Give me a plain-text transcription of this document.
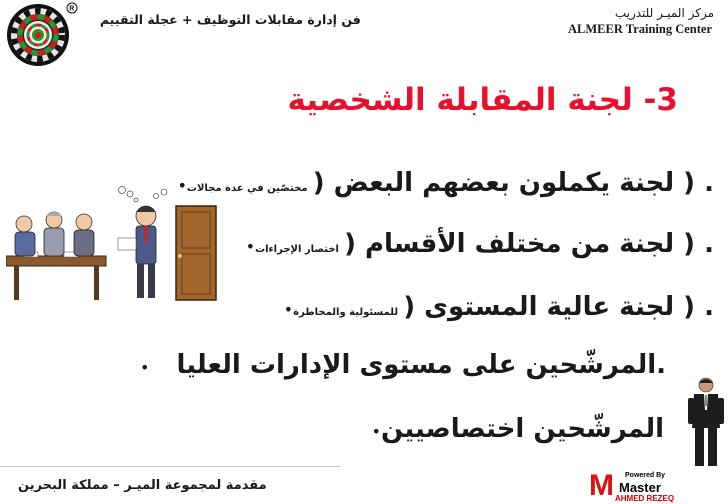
R
فن إدارة مقابلات التوظيف + عجلة التقييم	مركز الميـر للتدريب
ALMEER Training Center
3- لجنة المقابلة الشخصية
. ( لجنة يكملون بعضهم البعض ( مختصّين في عدة مجالات•
. ( لجنة من مختلف الأقسام ( اختصار الإجراءات•
. ( لجنة عالية المستوى ( للمسئولية والمخاطرة•
.المرشّحين على مستوى الإدارات العليا •
المرشّحين اختصاصيين•
مقدمة لمجموعة الميـر – مملكة البحرين	M Powered By
Master
AHMED REZEQ
